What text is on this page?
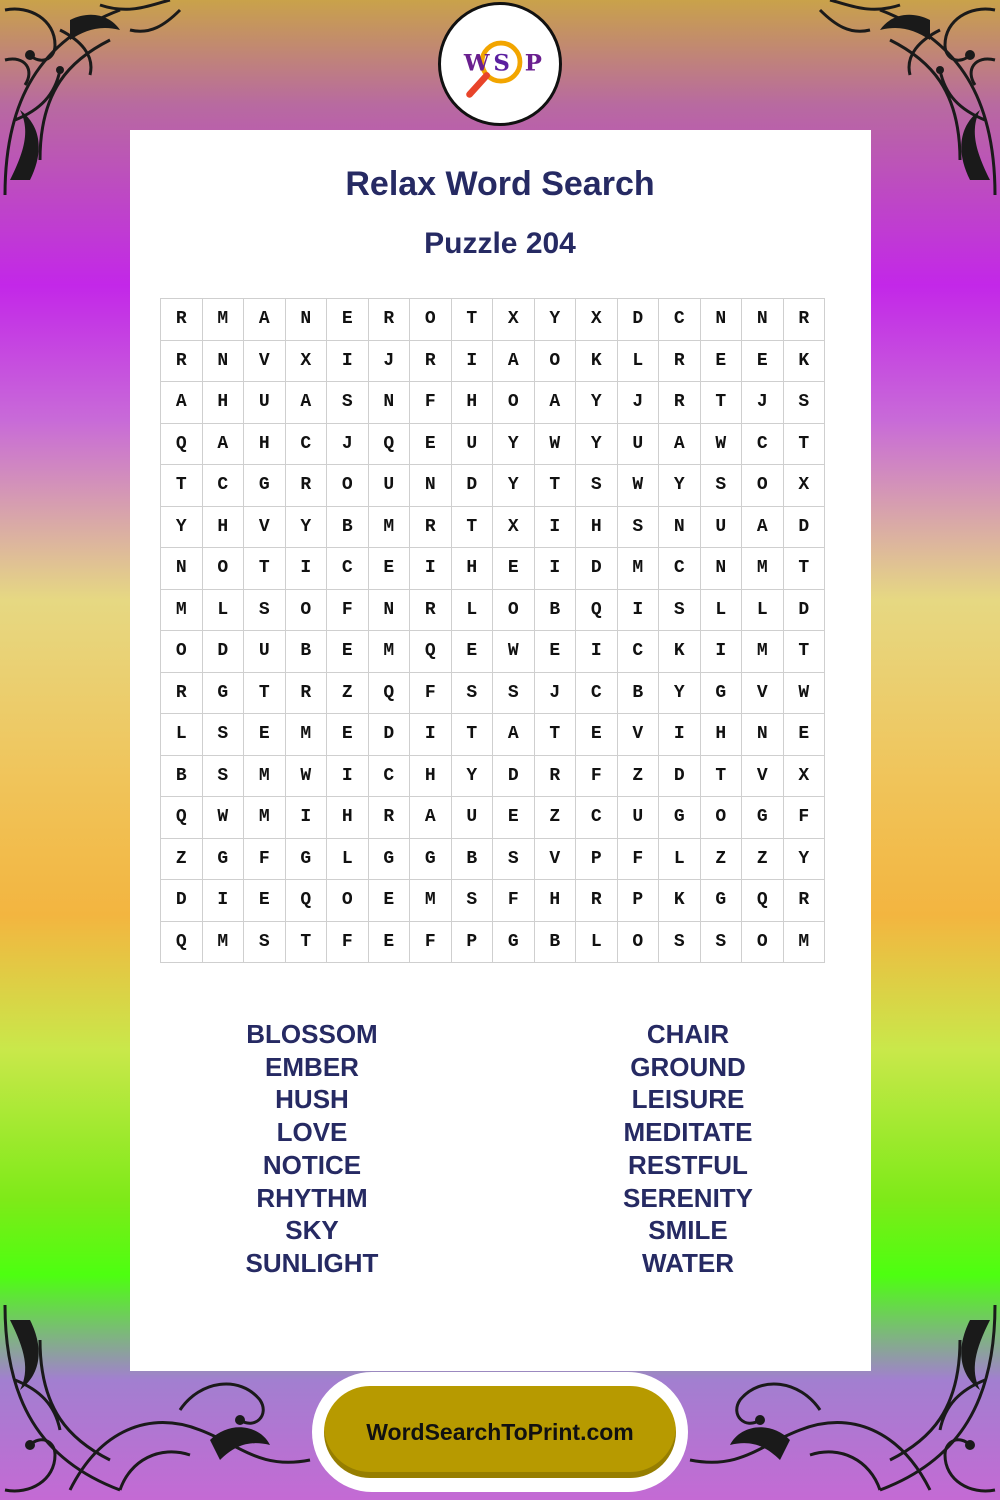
W S P
Relax Word Search
Puzzle 204
R	M	A	N	E	R	O	T	X	Y	X	D	C	N	N	R
R	N	V	X	I	J	R	I	A	O	K	L	R	E	E	K
A	H	U	A	S	N	F	H	O	A	Y	J	R	T	J	S
Q	A	H	C	J	Q	E	U	Y	W	Y	U	A	W	C	T
T	C	G	R	O	U	N	D	Y	T	S	W	Y	S	O	X
Y	H	V	Y	B	M	R	T	X	I	H	S	N	U	A	D
N	O	T	I	C	E	I	H	E	I	D	M	C	N	M	T
M	L	S	O	F	N	R	L	O	B	Q	I	S	L	L	D
O	D	U	B	E	M	Q	E	W	E	I	C	K	I	M	T
R	G	T	R	Z	Q	F	S	S	J	C	B	Y	G	V	W
L	S	E	M	E	D	I	T	A	T	E	V	I	H	N	E
B	S	M	W	I	C	H	Y	D	R	F	Z	D	T	V	X
Q	W	M	I	H	R	A	U	E	Z	C	U	G	O	G	F
Z	G	F	G	L	G	G	B	S	V	P	F	L	Z	Z	Y
D	I	E	Q	O	E	M	S	F	H	R	P	K	G	Q	R
Q	M	S	T	F	E	F	P	G	B	L	O	S	S	O	M
BLOSSOM
EMBER
HUSH
LOVE
NOTICE
RHYTHM
SKY
SUNLIGHT
CHAIR
GROUND
LEISURE
MEDITATE
RESTFUL
SERENITY
SMILE
WATER
WordSearchToPrint.com
